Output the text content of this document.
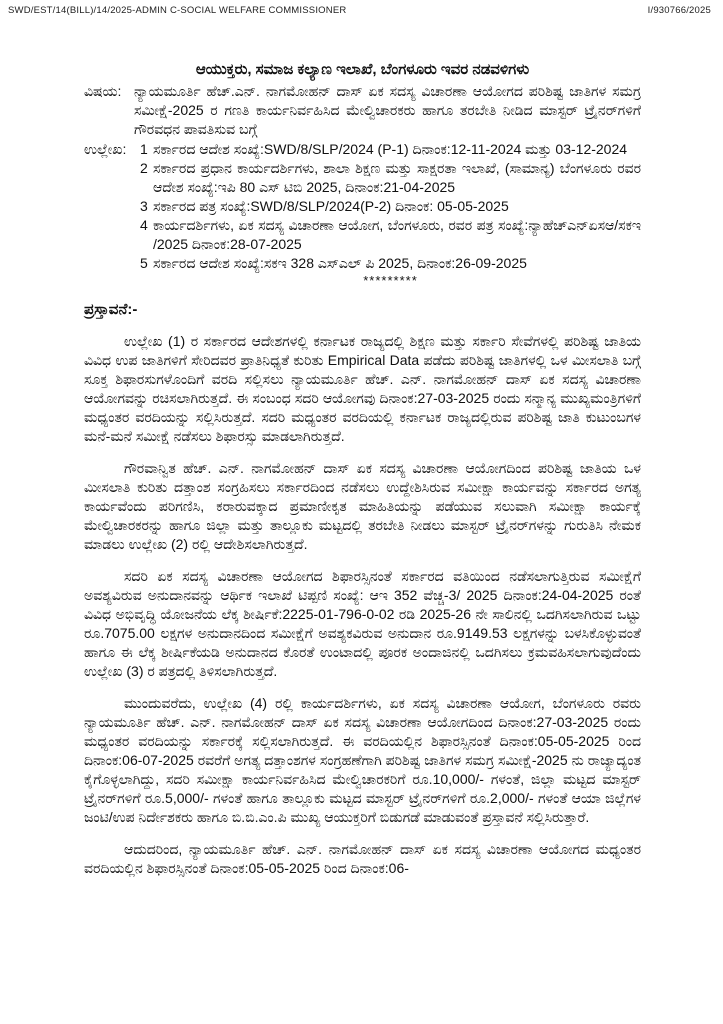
SWD/EST/14(BILL)/14/2025-ADMIN C-SOCIAL WELFARE COMMISSIONER	I/930766/2025
ಆಯುಕ್ತರು, ಸಮಾಜ ಕಲ್ಯಾಣ ಇಲಾಖೆ, ಬೆಂಗಳೂರು ಇವರ ನಡವಳಿಗಳು
ವಿಷಯ: ನ್ಯಾಯಮೂರ್ತಿ ಹೆಚ್.ಎನ್. ನಾಗಮೋಹನ್ ದಾಸ್ ಏಕ ಸದಸ್ಯ ವಿಚಾರಣಾ ಆಯೋಗದ ಪರಿಶಿಷ್ಟ ಜಾತಿಗಳ ಸಮಗ್ರ ಸಮೀಕ್ಷೆ-2025 ರ ಗಣತಿ ಕಾರ್ಯನಿರ್ವಹಿಸಿದ ಮೇಲ್ವಿಚಾರಕರು ಹಾಗೂ ತರಬೇತಿ ನೀಡಿದ ಮಾಸ್ಟರ್ ಟ್ರೈನರ್‌ಗಳಿಗೆ ಗೌರವಧನ ಪಾವತಿಸುವ ಬಗ್ಗೆ
ಉಲ್ಲೇಖ: 1 ಸರ್ಕಾರದ ಆದೇಶ ಸಂಖ್ಯೆ:SWD/8/SLP/2024 (P-1) ದಿನಾಂಕ:12-11-2024 ಮತ್ತು 03-12-2024
2 ಸರ್ಕಾರದ ಪ್ರಧಾನ ಕಾರ್ಯದರ್ಶಿಗಳು, ಶಾಲಾ ಶಿಕ್ಷಣ ಮತ್ತು ಸಾಕ್ಷರತಾ ಇಲಾಖೆ, (ಸಾಮಾನ್ಯ) ಬೆಂಗಳೂರು ರವರ ಆದೇಶ ಸಂಖ್ಯೆ:ಇಪಿ 80 ಎಸ್ ಟಿಬಿ 2025, ದಿನಾಂಕ:21-04-2025
3 ಸರ್ಕಾರದ ಪತ್ರ ಸಂಖ್ಯೆ:SWD/8/SLP/2024(P-2) ದಿನಾಂಕ: 05-05-2025
4 ಕಾರ್ಯದರ್ಶಿಗಳು, ಏಕ ಸದಸ್ಯ ವಿಚಾರಣಾ ಆಯೋಗ, ಬೆಂಗಳೂರು, ರವರ ಪತ್ರ ಸಂಖ್ಯೆ:ನ್ಯಾಹೆಚ್‌ಎನ್‌ಏಸಆ/ಸಕಇ /2025 ದಿನಾಂಕ:28-07-2025
5 ಸರ್ಕಾರದ ಆದೇಶ ಸಂಖ್ಯೆ:ಸಕಇ 328 ಎಸ್‌ಎಲ್ ಪಿ 2025, ದಿನಾಂಕ:26-09-2025
*********
ಪ್ರಸ್ತಾವನೆ:-

ಉಲ್ಲೇಖ (1) ರ ಸರ್ಕಾರದ ಆದೇಶಗಳಲ್ಲಿ ಕರ್ನಾಟಕ ರಾಜ್ಯದಲ್ಲಿ ಶಿಕ್ಷಣ ಮತ್ತು ಸರ್ಕಾರಿ ಸೇವೆಗಳಲ್ಲಿ ಪರಿಶಿಷ್ಟ ಜಾತಿಯ ವಿವಿಧ ಉಪ ಜಾತಿಗಳಿಗೆ ಸೇರಿದವರ ಪ್ರಾತಿನಿಧ್ಯತೆ ಕುರಿತು Empirical Data ಪಡೆದು ಪರಿಶಿಷ್ಟ ಜಾತಿಗಳಲ್ಲಿ ಒಳ ಮೀಸಲಾತಿ ಬಗ್ಗೆ ಸೂಕ್ತ ಶಿಫಾರಸುಗಳೊಂದಿಗೆ ವರದಿ ಸಲ್ಲಿಸಲು ನ್ಯಾಯಮೂರ್ತಿ ಹೆಚ್. ಎನ್. ನಾಗಮೋಹನ್ ದಾಸ್ ಏಕ ಸದಸ್ಯ ವಿಚಾರಣಾ ಆಯೋಗವನ್ನು ರಚಿಸಲಾಗಿರುತ್ತದೆ. ಈ ಸಂಬಂಧ ಸದರಿ ಆಯೋಗವು ದಿನಾಂಕ:27-03-2025 ರಂದು ಸನ್ಮಾನ್ಯ ಮುಖ್ಯಮಂತ್ರಿಗಳಿಗೆ ಮಧ್ಯಂತರ ವರದಿಯನ್ನು ಸಲ್ಲಿಸಿರುತ್ತದೆ. ಸದರಿ ಮಧ್ಯಂತರ ವರದಿಯಲ್ಲಿ ಕರ್ನಾಟಕ ರಾಜ್ಯದಲ್ಲಿರುವ ಪರಿಶಿಷ್ಟ ಜಾತಿ ಕುಟುಂಬಗಳ ಮನೆ-ಮನೆ ಸಮೀಕ್ಷೆ ನಡೆಸಲು ಶಿಫಾರಸ್ಸು ಮಾಡಲಾಗಿರುತ್ತದೆ.

ಗೌರವಾನ್ವಿತ ಹೆಚ್. ಎನ್. ನಾಗಮೋಹನ್ ದಾಸ್ ಏಕ ಸದಸ್ಯ ವಿಚಾರಣಾ ಆಯೋಗದಿಂದ ಪರಿಶಿಷ್ಟ ಜಾತಿಯ ಒಳ ಮೀಸಲಾತಿ ಕುರಿತು ದತ್ತಾಂಶ ಸಂಗ್ರಹಿಸಲು ಸರ್ಕಾರದಿಂದ ನಡೆಸಲು ಉದ್ದೇಶಿಸಿರುವ ಸಮೀಕ್ಷಾ ಕಾರ್ಯವನ್ನು ಸರ್ಕಾರದ ಅಗತ್ಯ ಕಾರ್ಯವೆಂದು ಪರಿಗಣಿಸಿ, ಕರಾರುವಕ್ಕಾದ ಪ್ರಮಾಣೀಕೃತ ಮಾಹಿತಿಯನ್ನು ಪಡೆಯುವ ಸಲುವಾಗಿ ಸಮೀಕ್ಷಾ ಕಾರ್ಯಕ್ಕೆ ಮೇಲ್ವಿಚಾರಕರನ್ನು ಹಾಗೂ ಜಿಲ್ಲಾ ಮತ್ತು ತಾಲ್ಲೂಕು ಮಟ್ಟದಲ್ಲಿ ತರಬೇತಿ ನೀಡಲು ಮಾಸ್ಟರ್ ಟ್ರೈನರ್‌ಗಳನ್ನು ಗುರುತಿಸಿ ನೇಮಕ ಮಾಡಲು ಉಲ್ಲೇಖ (2) ರಲ್ಲಿ ಆದೇಶಿಸಲಾಗಿರುತ್ತದೆ.

ಸದರಿ ಏಕ ಸದಸ್ಯ ವಿಚಾರಣಾ ಆಯೋಗದ ಶಿಫಾರಸ್ಸಿನಂತೆ ಸರ್ಕಾರದ ವತಿಯಿಂದ ನಡೆಸಲಾಗುತ್ತಿರುವ ಸಮೀಕ್ಷೆಗೆ ಅವಶ್ಯವಿರುವ ಅನುದಾನವನ್ನು ಆರ್ಥಿಕ ಇಲಾಖೆ ಟಿಪ್ಪಣಿ ಸಂಖ್ಯೆ: ಆಇ 352 ವೆಚ್ಚ-3/ 2025 ದಿನಾಂಕ:24-04-2025 ರಂತೆ ವಿವಿಧ ಅಭಿವೃದ್ಧಿ ಯೋಜನೆಯ ಲೆಕ್ಕ ಶೀರ್ಷಿಕೆ:2225-01-796-0-02 ರಡಿ 2025-26 ನೇ ಸಾಲಿನಲ್ಲಿ ಒದಗಿಸಲಾಗಿರುವ ಒಟ್ಟು ರೂ.7075.00 ಲಕ್ಷಗಳ ಅನುದಾನದಿಂದ ಸಮೀಕ್ಷೆಗೆ ಅವಶ್ಯಕವಿರುವ ಅನುದಾನ ರೂ.9149.53 ಲಕ್ಷಗಳನ್ನು ಬಳಸಿಕೊಳ್ಳುವಂತೆ ಹಾಗೂ ಈ ಲೆಕ್ಕ ಶೀರ್ಷಿಕೆಯಡಿ ಅನುದಾನದ ಕೊರತೆ ಉಂಟಾದಲ್ಲಿ ಪೂರಕ ಅಂದಾಜಿನಲ್ಲಿ ಒದಗಿಸಲು ಕ್ರಮವಹಿಸಲಾಗುವುದೆಂದು ಉಲ್ಲೇಖ (3) ರ ಪತ್ರದಲ್ಲಿ ತಿಳಿಸಲಾಗಿರುತ್ತದೆ.

ಮುಂದುವರೆದು, ಉಲ್ಲೇಖ (4) ರಲ್ಲಿ ಕಾರ್ಯದರ್ಶಿಗಳು, ಏಕ ಸದಸ್ಯ ವಿಚಾರಣಾ ಆಯೋಗ, ಬೆಂಗಳೂರು ರವರು ನ್ಯಾಯಮೂರ್ತಿ ಹೆಚ್. ಎನ್. ನಾಗಮೋಹನ್ ದಾಸ್ ಏಕ ಸದಸ್ಯ ವಿಚಾರಣಾ ಆಯೋಗದಿಂದ ದಿನಾಂಕ:27-03-2025 ರಂದು ಮಧ್ಯಂತರ ವರದಿಯನ್ನು ಸರ್ಕಾರಕ್ಕೆ ಸಲ್ಲಿಸಲಾಗಿರುತ್ತದೆ. ಈ ವರದಿಯಲ್ಲಿನ ಶಿಫಾರಸ್ಸಿನಂತೆ ದಿನಾಂಕ:05-05-2025 ರಿಂದ ದಿನಾಂಕ:06-07-2025 ರವರೆಗೆ ಅಗತ್ಯ ದತ್ತಾಂಶಗಳ ಸಂಗ್ರಹಣೆಗಾಗಿ ಪರಿಶಿಷ್ಟ ಜಾತಿಗಳ ಸಮಗ್ರ ಸಮೀಕ್ಷೆ-2025 ನು ರಾಜ್ಯಾದ್ಯಂತ ಕೈಗೊಳ್ಳಲಾಗಿದ್ದು, ಸದರಿ ಸಮೀಕ್ಷಾ ಕಾರ್ಯನಿರ್ವಹಿಸಿದ ಮೇಲ್ವಿಚಾರಕರಿಗೆ ರೂ.10,000/- ಗಳಂತೆ, ಜಿಲ್ಲಾ ಮಟ್ಟದ ಮಾಸ್ಟರ್ ಟ್ರೈನರ್‌ಗಳಿಗೆ ರೂ.5,000/- ಗಳಂತೆ ಹಾಗೂ ತಾಲ್ಲೂಕು ಮಟ್ಟದ ಮಾಸ್ಟರ್ ಟ್ರೈನರ್‌ಗಳಿಗೆ ರೂ.2,000/- ಗಳಂತೆ ಆಯಾ ಜಿಲ್ಲೆಗಳ ಜಂಟಿ/ಉಪ ನಿರ್ದೇಶಕರು ಹಾಗೂ ಬಿ.ಬಿ.ಎಂ.ಪಿ ಮುಖ್ಯ ಆಯುಕ್ತರಿಗೆ ಬಿಡುಗಡೆ ಮಾಡುವಂತೆ ಪ್ರಸ್ತಾವನೆ ಸಲ್ಲಿಸಿರುತ್ತಾರೆ.

ಆದುದರಿಂದ, ನ್ಯಾಯಮೂರ್ತಿ ಹೆಚ್. ಎನ್. ನಾಗಮೋಹನ್ ದಾಸ್ ಏಕ ಸದಸ್ಯ ವಿಚಾರಣಾ ಆಯೋಗದ ಮಧ್ಯಂತರ ವರದಿಯಲ್ಲಿನ ಶಿಫಾರಸ್ಸಿನಂತೆ ದಿನಾಂಕ:05-05-2025 ರಿಂದ ದಿನಾಂಕ:06-
